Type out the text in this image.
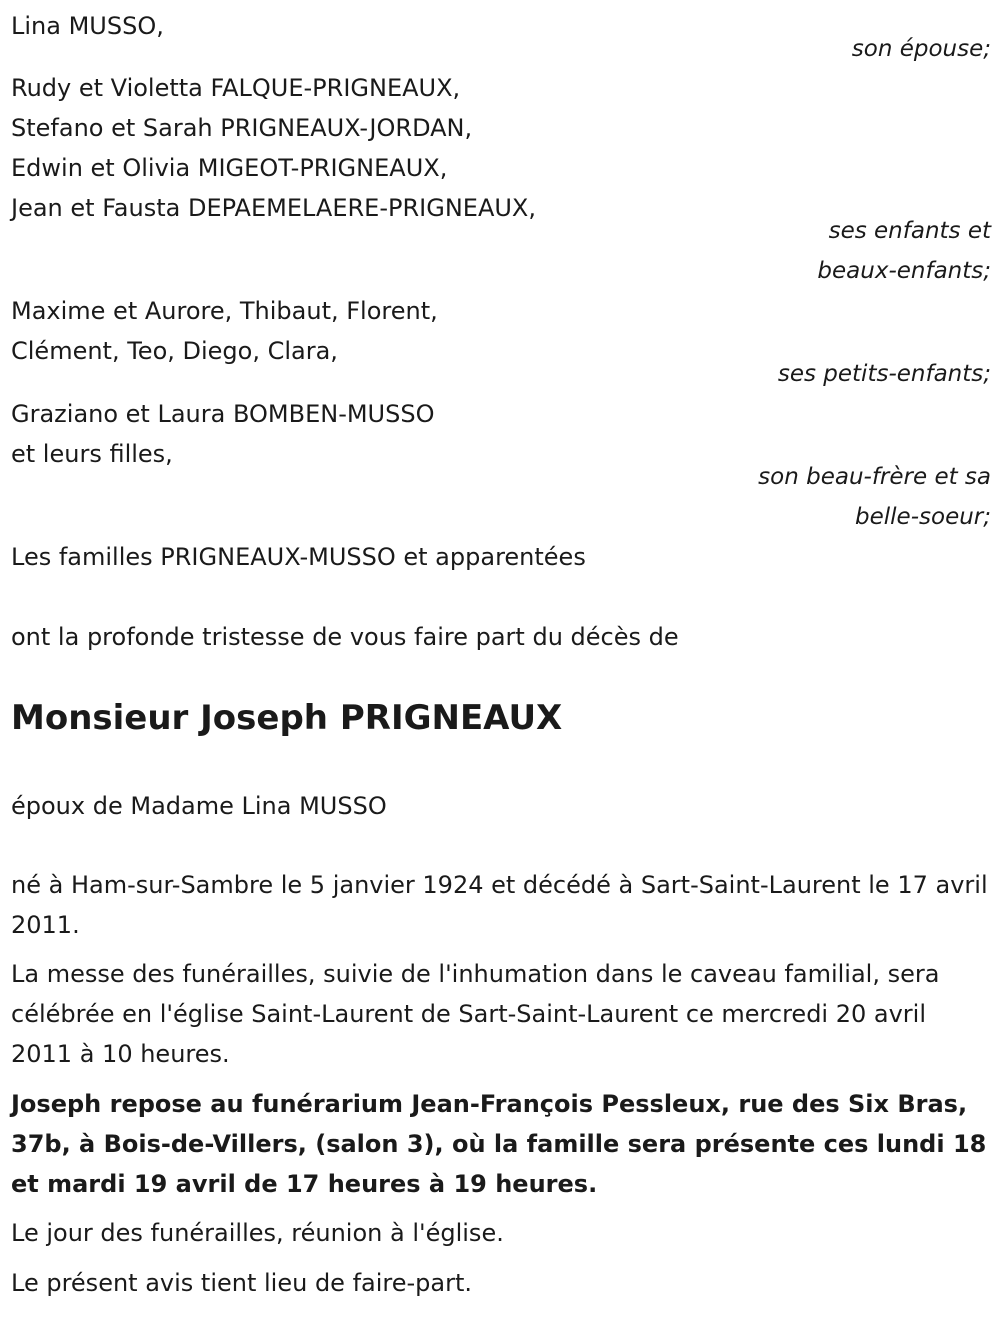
Lina MUSSO,
son épouse;
Rudy et Violetta FALQUE-PRIGNEAUX,
Stefano et Sarah PRIGNEAUX-JORDAN,
Edwin et Olivia MIGEOT-PRIGNEAUX,
Jean et Fausta DEPAEMELAERE-PRIGNEAUX,
ses enfants et
beaux-enfants;
Maxime et Aurore, Thibaut, Florent,
Clément, Teo, Diego, Clara,
ses petits-enfants;
Graziano et Laura BOMBEN-MUSSO
et leurs filles,
son beau-frère et sa
belle-soeur;
Les familles PRIGNEAUX-MUSSO et apparentées
ont la profonde tristesse de vous faire part du décès de
Monsieur Joseph PRIGNEAUX
époux de Madame Lina MUSSO
né à Ham-sur-Sambre le 5 janvier 1924 et décédé à Sart-Saint-Laurent le 17 avril 2011.
La messe des funérailles, suivie de l'inhumation dans le caveau familial, sera célébrée en l'église Saint-Laurent de Sart-Saint-Laurent ce mercredi 20 avril 2011 à 10 heures.
Joseph repose au funérarium Jean-François Pessleux, rue des Six Bras, 37b, à Bois-de-Villers, (salon 3), où la famille sera présente ces lundi 18 et mardi 19 avril de 17 heures à 19 heures.
Le jour des funérailles, réunion à l'église.
Le présent avis tient lieu de faire-part.
